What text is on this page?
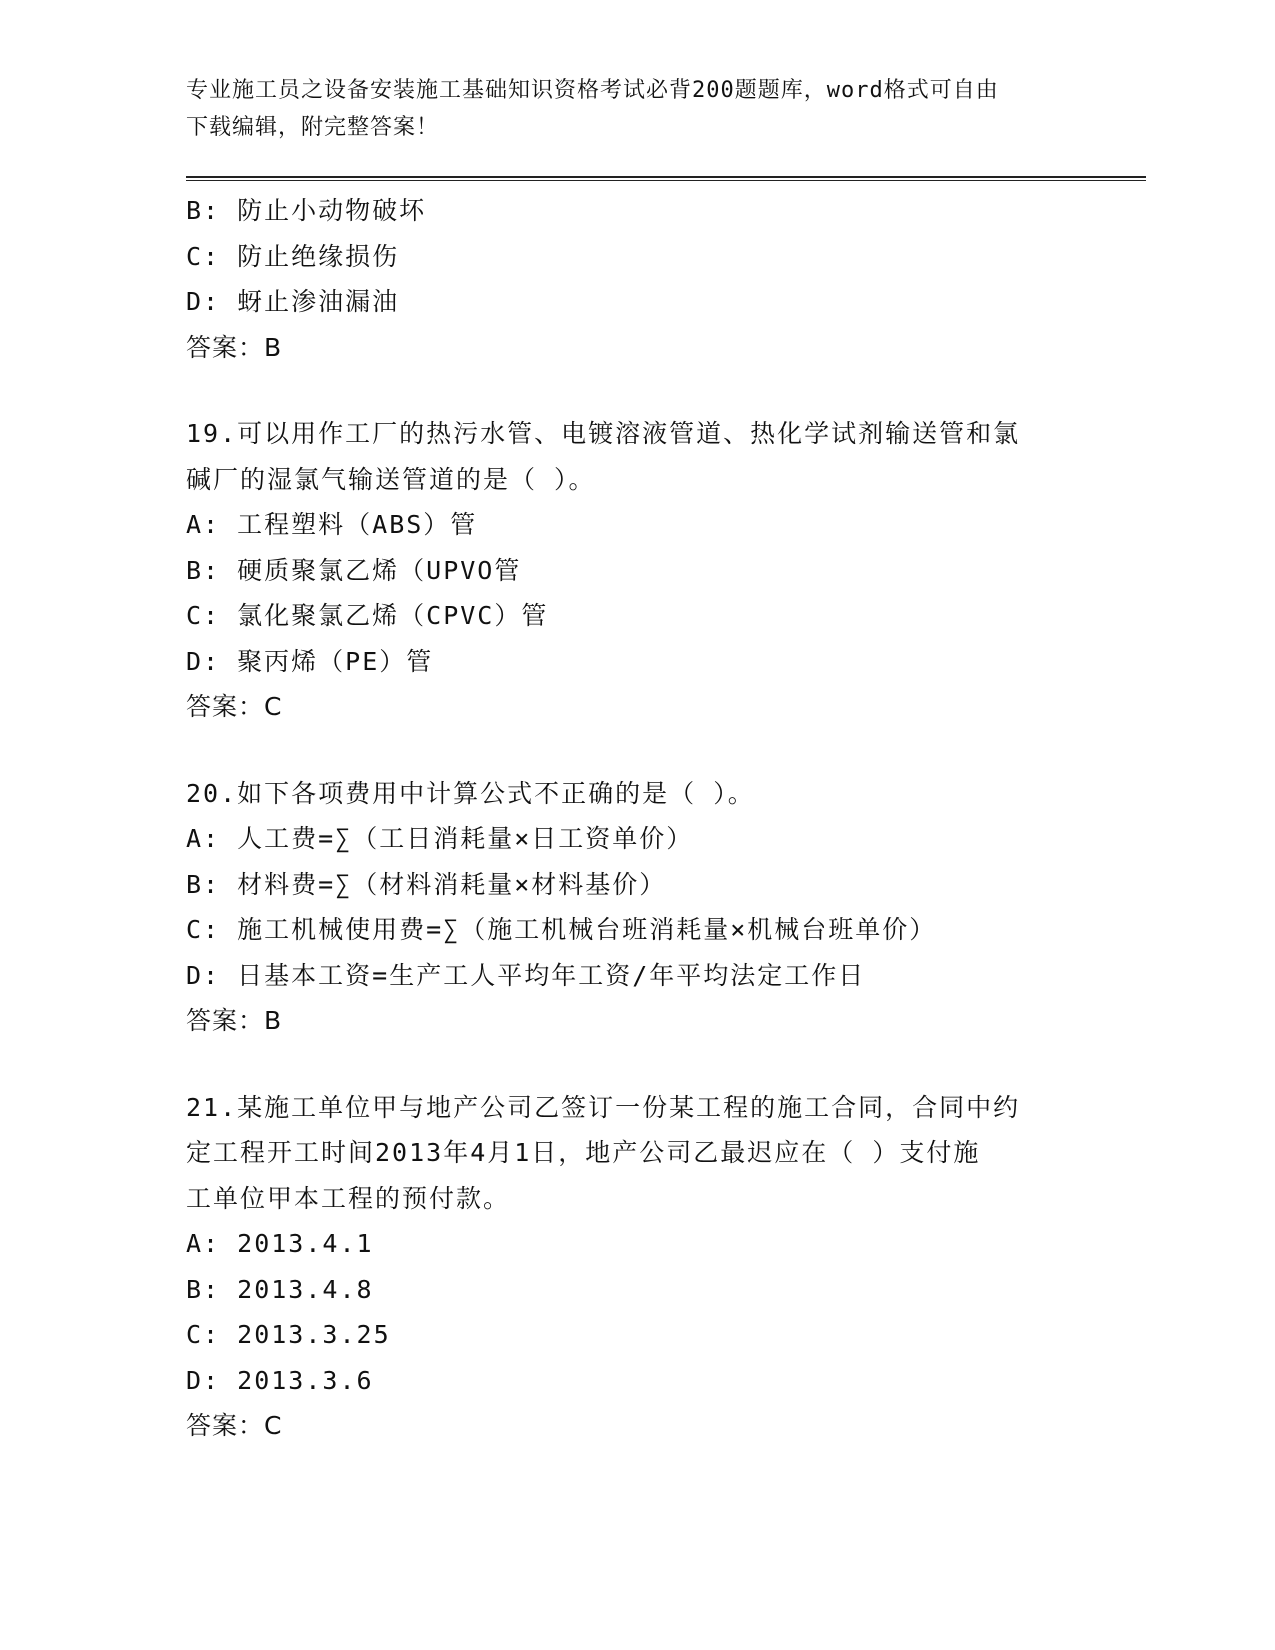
专业施工员之设备安装施工基础知识资格考试必背200题题库，word格式可自由
下载编辑，附完整答案！
B: 防止小动物破坏
C: 防止绝缘损伤
D: 蚜止渗油漏油
答案：B
19.可以用作工厂的热污水管、电镀溶液管道、热化学试剂输送管和氯
碱厂的湿氯气输送管道的是（ ）。
A: 工程塑料（ABS）管
B: 硬质聚氯乙烯（UPVO管
C: 氯化聚氯乙烯（CPVC）管
D: 聚丙烯（PE）管
答案：C
20.如下各项费用中计算公式不正确的是（ ）。
A: 人工费=∑（工日消耗量×日工资单价）
B: 材料费=∑（材料消耗量×材料基价）
C: 施工机械使用费=∑（施工机械台班消耗量×机械台班单价）
D: 日基本工资=生产工人平均年工资/年平均法定工作日
答案：B
21.某施工单位甲与地产公司乙签订一份某工程的施工合同，合同中约
定工程开工时间2013年4月1日，地产公司乙最迟应在（ ）支付施
工单位甲本工程的预付款。
A: 2013.4.1
B: 2013.4.8
C: 2013.3.25
D: 2013.3.6
答案：C
